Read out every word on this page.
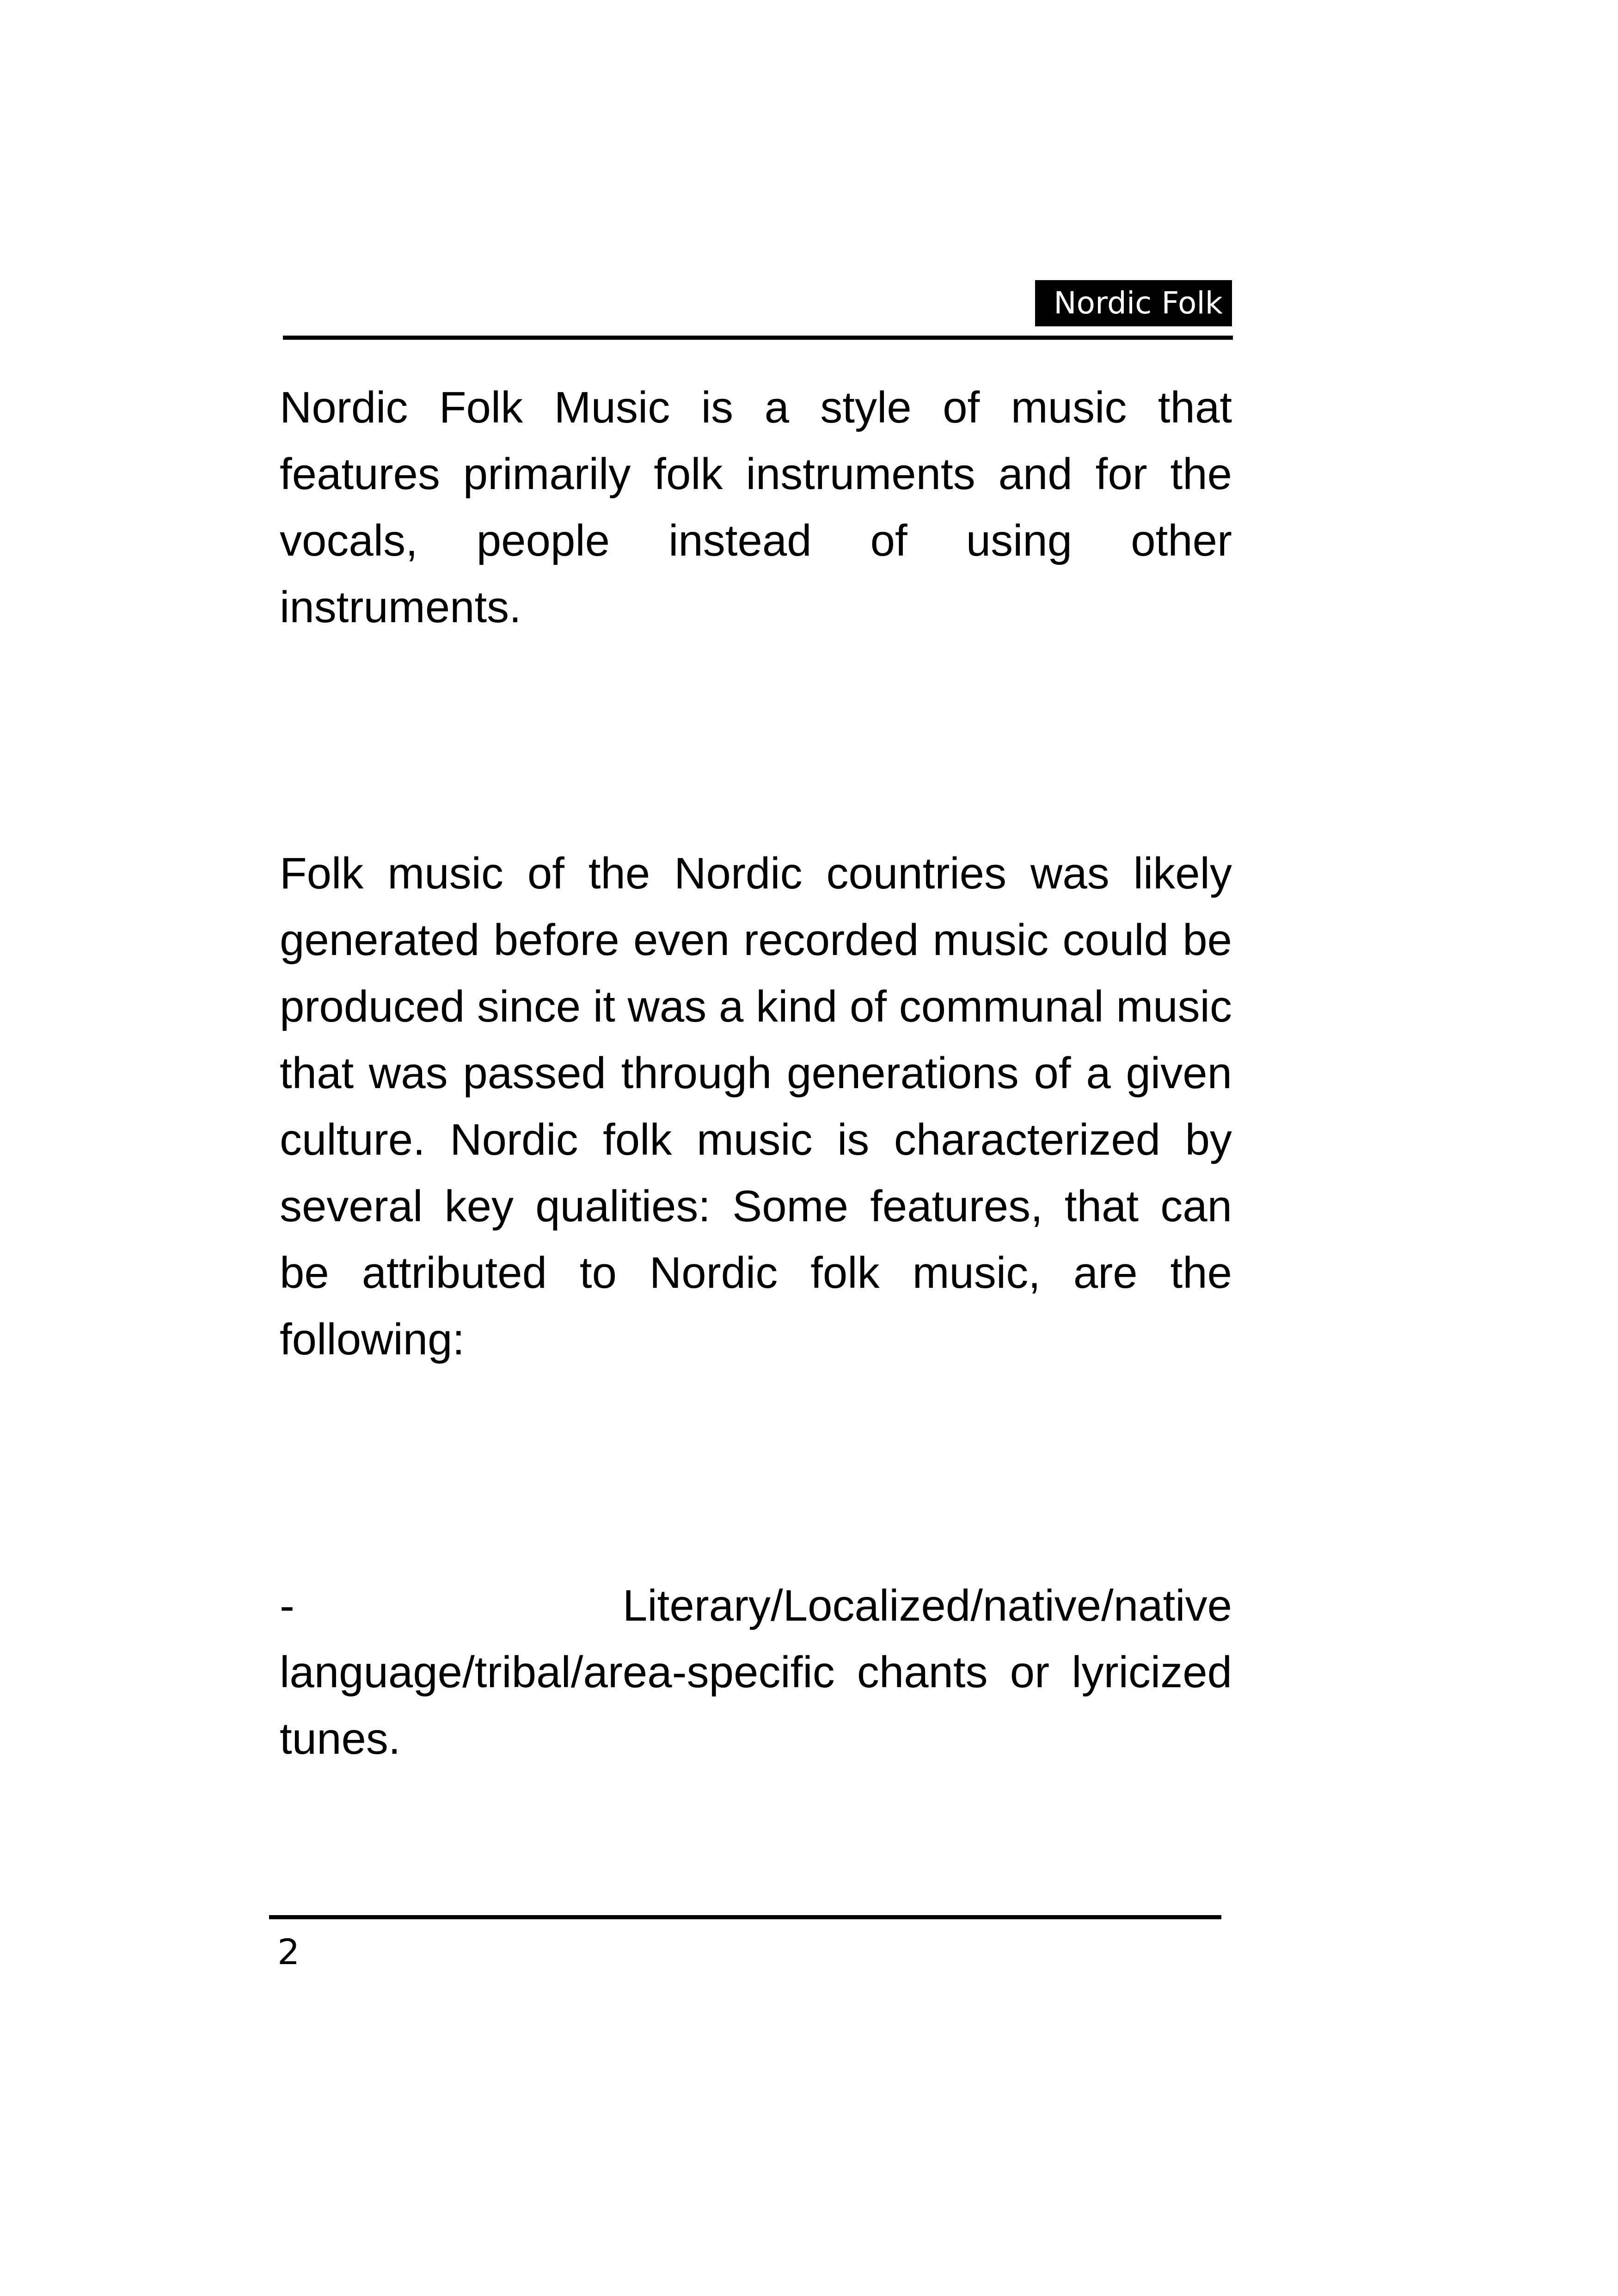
Nordic Folk

Nordic Folk Music is a style of music that features primarily folk instruments and for the vocals, people instead of using other instruments.

Folk music of the Nordic countries was likely generated before even recorded music could be produced since it was a kind of communal music that was passed through generations of a given culture. Nordic folk music is characterized by several key qualities: Some features, that can be attributed to Nordic folk music, are the following:

- Literary/Localized/native/native language/tribal/area-specific chants or lyricized tunes.

2
